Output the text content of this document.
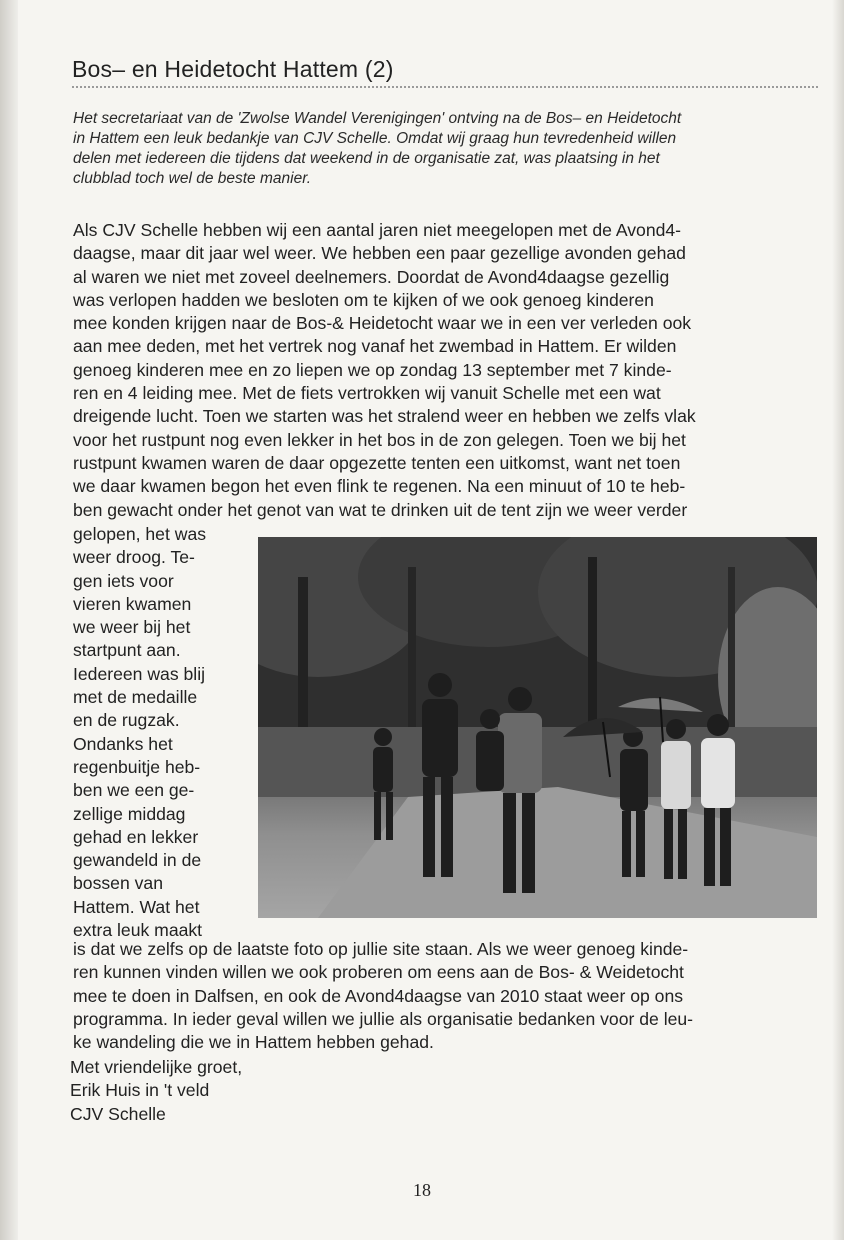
Bos– en Heidetocht Hattem (2)
Het secretariaat van de 'Zwolse Wandel Verenigingen' ontving na de Bos– en Heidetocht
in Hattem een leuk bedankje van CJV Schelle. Omdat wij graag hun tevredenheid willen
delen met iedereen die tijdens dat weekend in de organisatie zat, was plaatsing in het
clubblad toch wel de beste manier.
Als CJV Schelle hebben wij een aantal jaren niet meegelopen met de Avond4-
daagse, maar dit jaar wel weer. We hebben een paar gezellige avonden gehad
al waren we niet met zoveel deelnemers. Doordat de Avond4daagse gezellig
was verlopen hadden we besloten om te kijken of we ook genoeg kinderen
mee konden krijgen naar de Bos-& Heidetocht waar we in een ver verleden ook
aan mee deden, met het vertrek nog vanaf het zwembad in Hattem. Er wilden
genoeg kinderen mee en zo liepen we op zondag 13 september met 7 kinde-
ren en 4 leiding mee. Met de fiets vertrokken wij vanuit Schelle met een wat
dreigende lucht. Toen we starten was het stralend weer en hebben we zelfs vlak
voor het rustpunt nog even lekker in het bos in de zon gelegen. Toen we bij het
rustpunt kwamen waren de daar opgezette tenten een uitkomst, want net toen
we daar kwamen begon het even flink te regenen. Na een minuut of 10 te heb-
ben gewacht onder het genot van wat te drinken uit de tent zijn we weer verder
gelopen, het was
weer droog. Te-
gen iets voor
vieren kwamen
we weer bij het
startpunt aan.
Iedereen was blij
met de medaille
en de rugzak.
Ondanks het
regenbuitje heb-
ben we een ge-
zellige middag
gehad en lekker
gewandeld in de
bossen van
Hattem. Wat het
extra leuk maakt
is dat we zelfs op de laatste foto op jullie site staan. Als we weer genoeg kinde-
ren kunnen vinden willen we ook proberen om eens aan de Bos- & Weidetocht
mee te doen in Dalfsen, en ook de Avond4daagse van 2010 staat weer op ons
programma. In ieder geval willen we jullie als organisatie bedanken voor de leu-
ke wandeling die we in Hattem hebben gehad.
Met vriendelijke groet,
Erik Huis in 't veld
CJV Schelle
18
